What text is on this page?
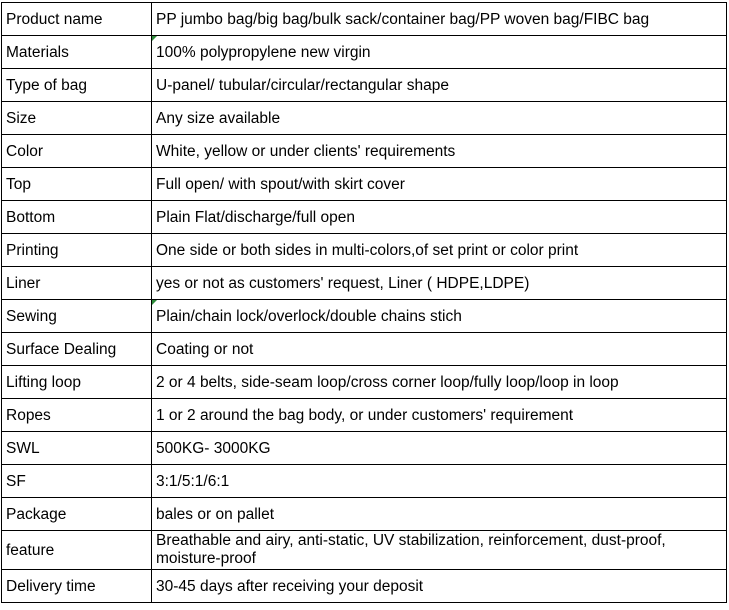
Product name	PP jumbo bag/big bag/bulk sack/container bag/PP woven bag/FIBC bag
Materials	100% polypropylene new virgin
Type of bag	U-panel/ tubular/circular/rectangular shape
Size	Any size available
Color	White, yellow or under clients' requirements
Top	Full open/ with spout/with skirt cover
Bottom	Plain Flat/discharge/full open
Printing	One side or both sides in multi-colors,of set print or color print
Liner	yes or not as customers' request, Liner ( HDPE,LDPE)
Sewing	Plain/chain lock/overlock/double chains stich
Surface Dealing	Coating or not
Lifting loop	2 or 4 belts, side-seam loop/cross corner loop/fully loop/loop in loop
Ropes	1 or 2 around the bag body, or under customers' requirement
SWL	500KG- 3000KG
SF	3:1/5:1/6:1
Package	bales or on pallet
feature	Breathable and airy, anti-static, UV stabilization, reinforcement, dust-proof, moisture-proof
Delivery time	30-45 days after receiving your deposit
